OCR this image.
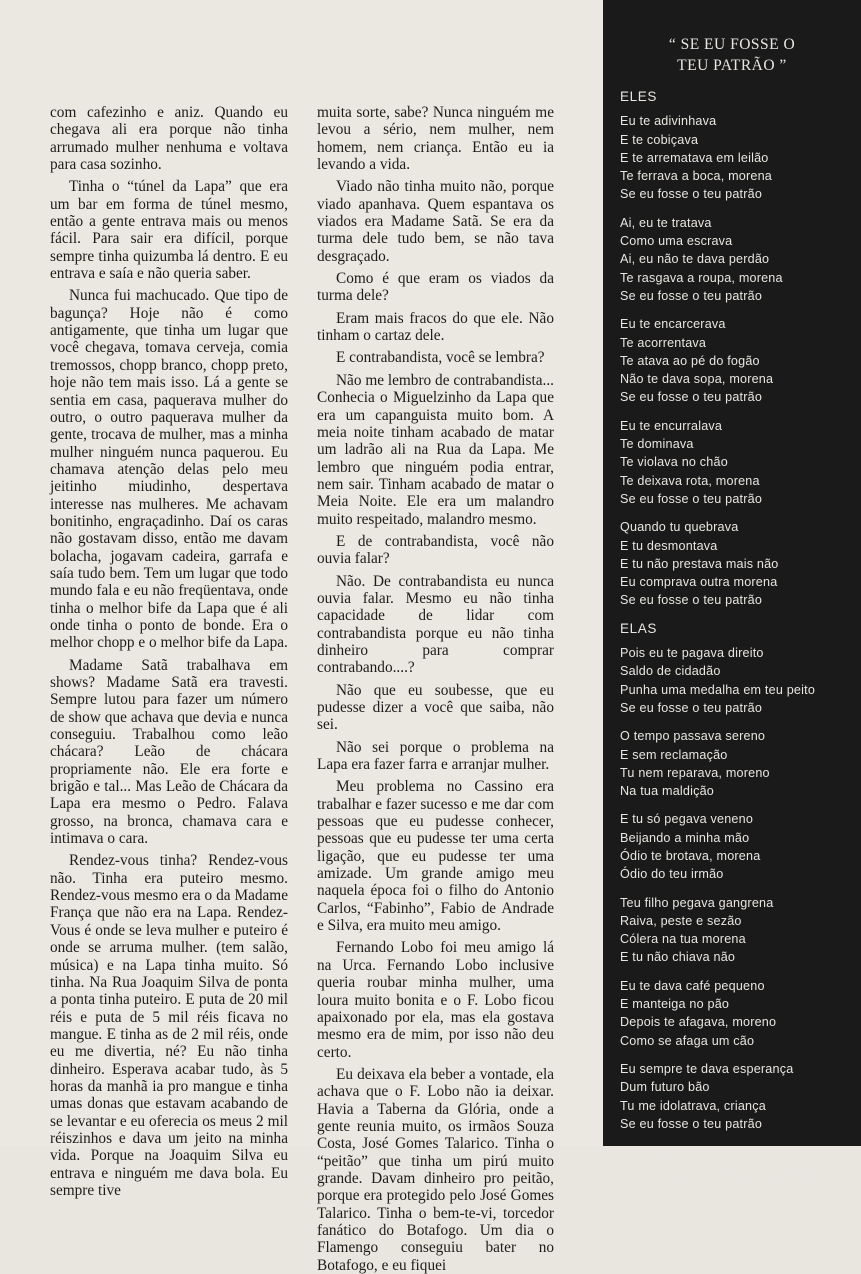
com cafezinho e aniz. Quando eu chegava ali era porque não tinha arrumado mulher nenhuma e voltava para casa sozinho.

Tinha o “túnel da Lapa” que era um bar em forma de túnel mesmo, então a gente entrava mais ou menos fácil. Para sair era difícil, porque sempre tinha quizumba lá dentro. E eu entrava e saía e não queria saber.

Nunca fui machucado. Que tipo de bagunça? Hoje não é como antigamente, que tinha um lugar que você chegava, tomava cerveja, comia tremossos, chopp branco, chopp preto, hoje não tem mais isso. Lá a gente se sentia em casa, paquerava mulher do outro, o outro paquerava mulher da gente, trocava de mulher, mas a minha mulher ninguém nunca paquerou. Eu chamava atenção delas pelo meu jeitinho miudinho, despertava interesse nas mulheres. Me achavam bonitinho, engraçadinho. Daí os caras não gostavam disso, então me davam bolacha, jogavam cadeira, garrafa e saía tudo bem. Tem um lugar que todo mundo fala e eu não freqüentava, onde tinha o melhor bife da Lapa que é ali onde tinha o ponto de bonde. Era o melhor chopp e o melhor bife da Lapa.

Madame Satã trabalhava em shows? Madame Satã era travesti. Sempre lutou para fazer um número de show que achava que devia e nunca conseguiu. Trabalhou como leão chácara? Leão de chácara propriamente não. Ele era forte e brigão e tal... Mas Leão de Chácara da Lapa era mesmo o Pedro. Falava grosso, na bronca, chamava cara e intimava o cara.

Rendez-vous tinha? Rendez-vous não. Tinha era puteiro mesmo. Rendez-vous mesmo era o da Madame França que não era na Lapa. Rendez-Vous é onde se leva mulher e puteiro é onde se arruma mulher. (tem salão, música) e na Lapa tinha muito. Só tinha. Na Rua Joaquim Silva de ponta a ponta tinha puteiro. E puta de 20 mil réis e puta de 5 mil réis ficava no mangue. E tinha as de 2 mil réis, onde eu me divertia, né? Eu não tinha dinheiro. Esperava acabar tudo, às 5 horas da manhã ia pro mangue e tinha umas donas que estavam acabando de se levantar e eu oferecia os meus 2 mil réiszinhos e dava um jeito na minha vida. Porque na Joaquim Silva eu entrava e ninguém me dava bola. Eu sempre tive

muita sorte, sabe? Nunca ninguém me levou a sério, nem mulher, nem homem, nem criança. Então eu ia levando a vida.

Viado não tinha muito não, porque viado apanhava. Quem espantava os viados era Madame Satã. Se era da turma dele tudo bem, se não tava desgraçado.

Como é que eram os viados da turma dele?

Eram mais fracos do que ele. Não tinham o cartaz dele.

E contrabandista, você se lembra?

Não me lembro de contrabandista... Conhecia o Miguelzinho da Lapa que era um capanguista muito bom. A meia noite tinham acabado de matar um ladrão ali na Rua da Lapa. Me lembro que ninguém podia entrar, nem sair. Tinham acabado de matar o Meia Noite. Ele era um malandro muito respeitado, malandro mesmo.

E de contrabandista, você não ouvia falar?

Não. De contrabandista eu nunca ouvia falar. Mesmo eu não tinha capacidade de lidar com contrabandista porque eu não tinha dinheiro para comprar contrabando....?

Não que eu soubesse, que eu pudesse dizer a você que saiba, não sei.

Não sei porque o problema na Lapa era fazer farra e arranjar mulher.

Meu problema no Cassino era trabalhar e fazer sucesso e me dar com pessoas que eu pudesse conhecer, pessoas que eu pudesse ter uma certa ligação, que eu pudesse ter uma amizade. Um grande amigo meu naquela época foi o filho do Antonio Carlos, “Fabinho”, Fabio de Andrade e Silva, era muito meu amigo.

Fernando Lobo foi meu amigo lá na Urca. Fernando Lobo inclusive queria roubar minha mulher, uma loura muito bonita e o F. Lobo ficou apaixonado por ela, mas ela gostava mesmo era de mim, por isso não deu certo.

Eu deixava ela beber a vontade, ela achava que o F. Lobo não ia deixar. Havia a Taberna da Glória, onde a gente reunia muito, os irmãos Souza Costa, José Gomes Talarico. Tinha o “peitão” que tinha um pirú muito grande. Davam dinheiro pro peitão, porque era protegido pelo José Gomes Talarico. Tinha o bem-te-vi, torcedor fanático do Botafogo. Um dia o Flamengo conseguiu bater no Botafogo, e eu fiquei

“ SE EU FOSSE O
TEU PATRÃO ”
ELES
Eu te adivinhava
E te cobiçava
E te arrematava em leilão
Te ferrava a boca, morena
Se eu fosse o teu patrão
Ai, eu te tratava
Como uma escrava
Ai, eu não te dava perdão
Te rasgava a roupa, morena
Se eu fosse o teu patrão
Eu te encarcerava
Te acorrentava
Te atava ao pé do fogão
Não te dava sopa, morena
Se eu fosse o teu patrão
Eu te encurralava
Te dominava
Te violava no chão
Te deixava rota, morena
Se eu fosse o teu patrão
Quando tu quebrava
E tu desmontava
E tu não prestava mais não
Eu comprava outra morena
Se eu fosse o teu patrão
ELAS
Pois eu te pagava direito
Saldo de cidadão
Punha uma medalha em teu peito
Se eu fosse o teu patrão
O tempo passava sereno
E sem reclamação
Tu nem reparava, moreno
Na tua maldição
E tu só pegava veneno
Beijando a minha mão
Ódio te brotava, morena
Ódio do teu irmão
Teu filho pegava gangrena
Raiva, peste e sezão
Cólera na tua morena
E tu não chiava não
Eu te dava café pequeno
E manteiga no pão
Depois te afagava, moreno
Como se afaga um cão
Eu sempre te dava esperança
Dum futuro bão
Tu me idolatrava, criança
Se eu fosse o teu patrão
TODOS
Nhão Nhão Nhão Nhão Nhão Nhão . .
